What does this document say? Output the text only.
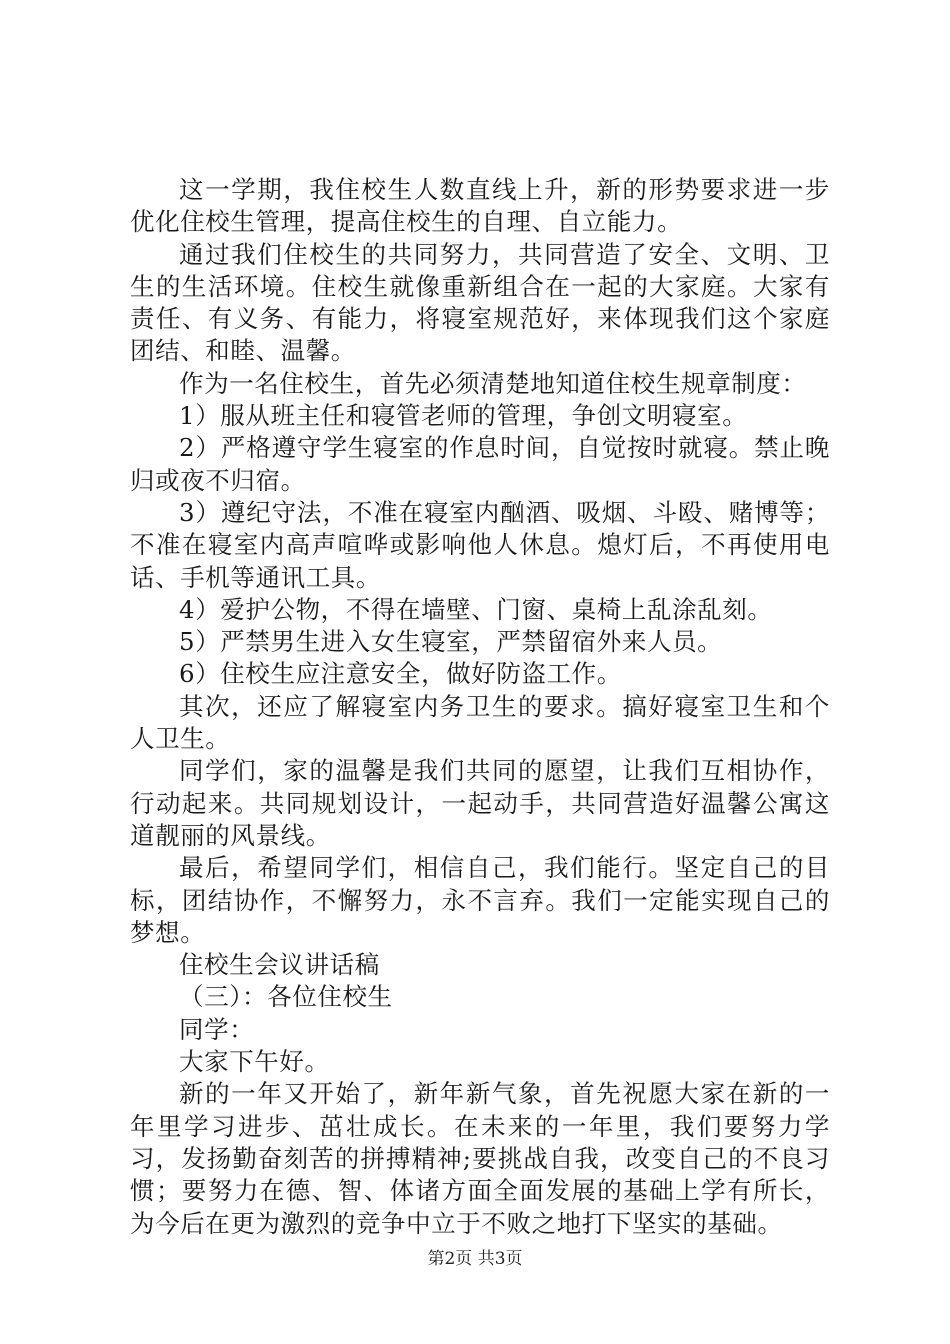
这一学期，我住校生人数直线上升，新的形势要求进一步优化住校生管理，提高住校生的自理、自立能力。

通过我们住校生的共同努力，共同营造了安全、文明、卫生的生活环境。住校生就像重新组合在一起的大家庭。大家有责任、有义务、有能力，将寝室规范好，来体现我们这个家庭团结、和睦、温馨。

作为一名住校生，首先必须清楚地知道住校生规章制度：

1）服从班主任和寝管老师的管理，争创文明寝室。

2）严格遵守学生寝室的作息时间，自觉按时就寝。禁止晚归或夜不归宿。

3）遵纪守法，不准在寝室内酗酒、吸烟、斗殴、赌博等；不准在寝室内高声喧哗或影响他人休息。熄灯后，不再使用电话、手机等通讯工具。

4）爱护公物，不得在墙壁、门窗、桌椅上乱涂乱刻。

5）严禁男生进入女生寝室，严禁留宿外来人员。

6）住校生应注意安全，做好防盗工作。

其次，还应了解寝室内务卫生的要求。搞好寝室卫生和个人卫生。

同学们，家的温馨是我们共同的愿望，让我们互相协作，行动起来。共同规划设计，一起动手，共同营造好温馨公寓这道靓丽的风景线。

最后，希望同学们，相信自己，我们能行。坚定自己的目标，团结协作，不懈努力，永不言弃。我们一定能实现自己的梦想。

住校生会议讲话稿

（三）：各位住校生

同学：

大家下午好。

新的一年又开始了，新年新气象，首先祝愿大家在新的一年里学习进步、茁壮成长。在未来的一年里，我们要努力学习，发扬勤奋刻苦的拼搏精神;要挑战自我，改变自己的不良习惯；要努力在德、智、体诸方面全面发展的基础上学有所长，为今后在更为激烈的竞争中立于不败之地打下坚实的基础。

第2页 共3页
